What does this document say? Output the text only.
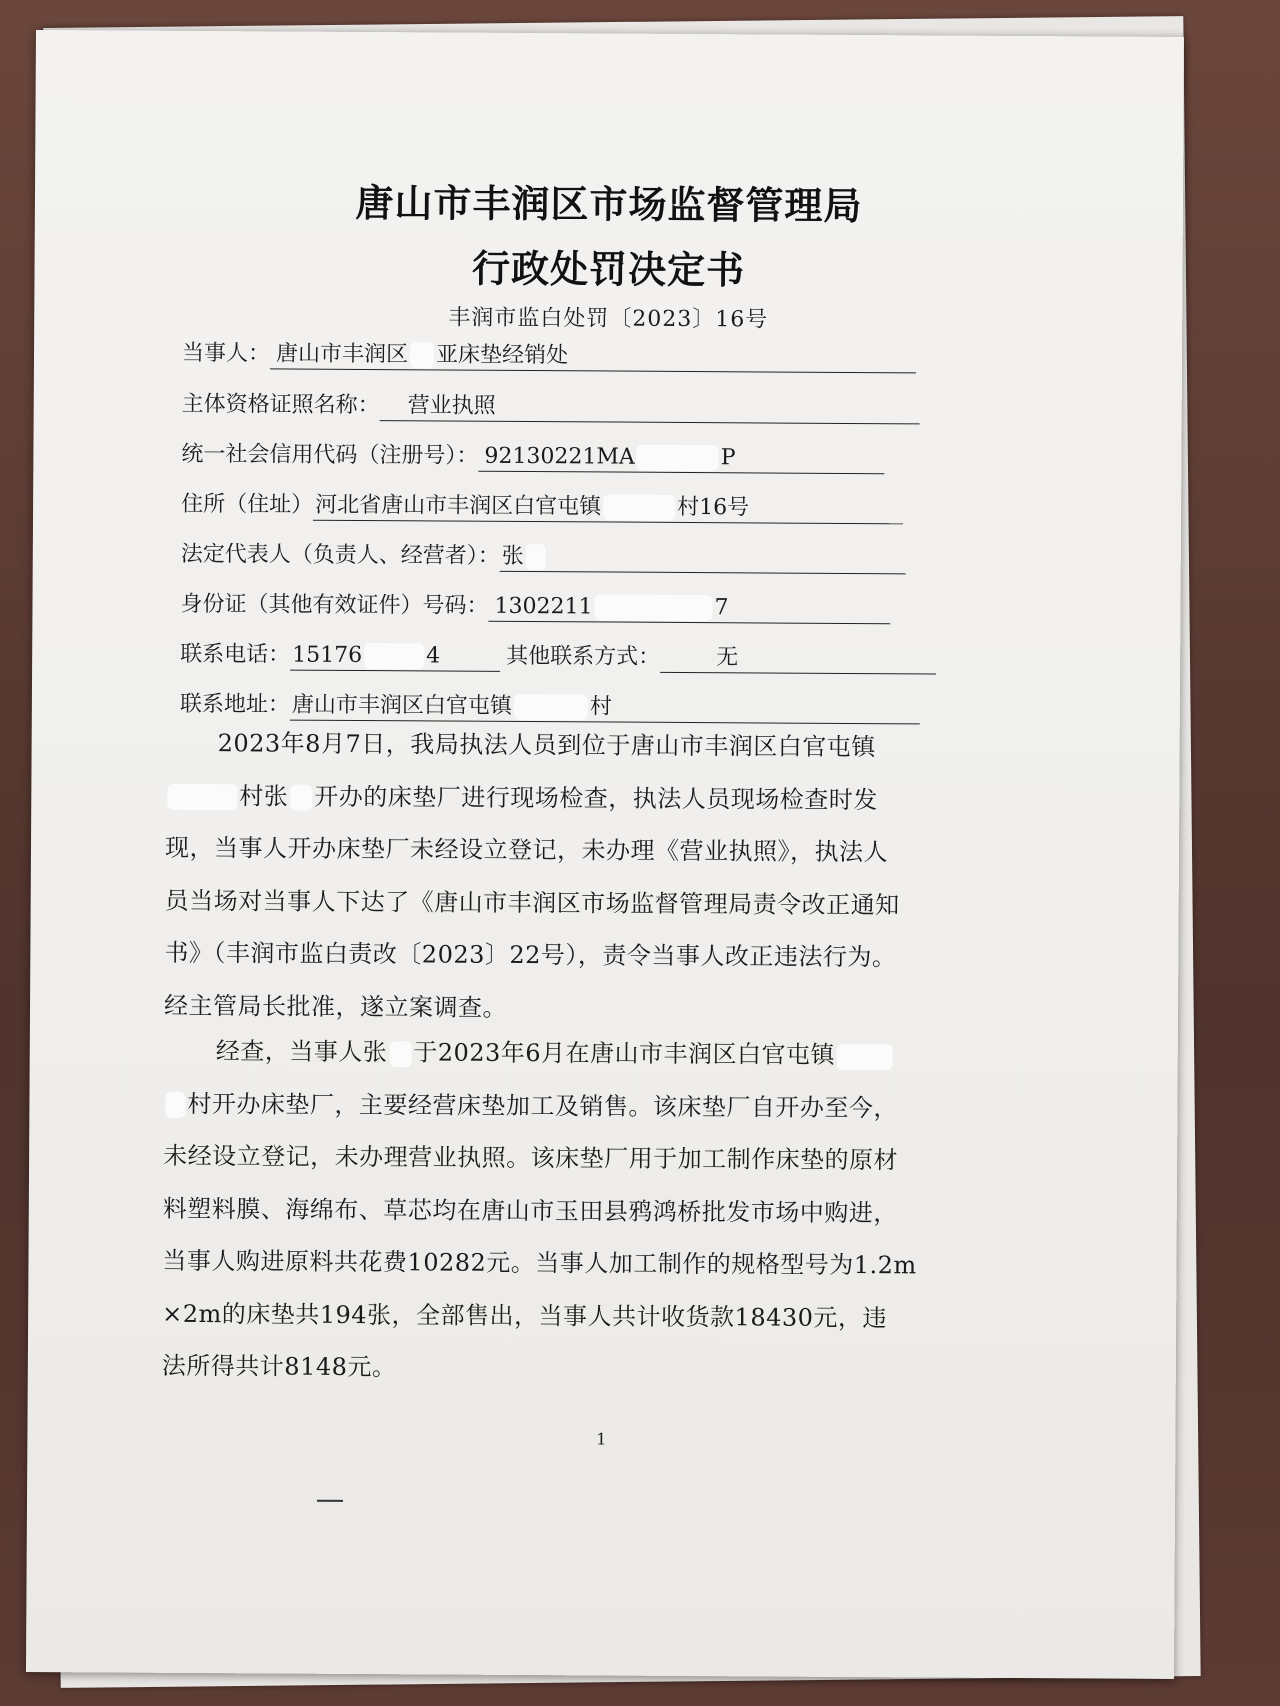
唐山市丰润区市场监督管理局
行政处罚决定书
丰润市监白处罚〔2023〕16号
当事人： 唐山市丰润区 亚床垫经销处
主体资格证照名称： 营业执照
统一社会信用代码（注册号）： 92130221MA	P
住所（住址）河北省唐山市丰润区白官屯镇	村16号
法定代表人（负责人、经营者）：张
身份证（其他有效证件）号码： 1302211	7
联系电话：15176	4	其他联系方式：	无
联系地址：唐山市丰润区白官屯镇	村
2023年8月7日，我局执法人员到位于唐山市丰润区白官屯镇
村张 开办的床垫厂进行现场检查，执法人员现场检查时发
现，当事人开办床垫厂未经设立登记，未办理《营业执照》，执法人
员当场对当事人下达了《唐山市丰润区市场监督管理局责令改正通知
书》（丰润市监白责改〔2023〕22号），责令当事人改正违法行为。
经主管局长批准，遂立案调查。
经查，当事人张 于2023年6月在唐山市丰润区白官屯镇
村开办床垫厂，主要经营床垫加工及销售。该床垫厂自开办至今，
未经设立登记，未办理营业执照。该床垫厂用于加工制作床垫的原材
料塑料膜、海绵布、草芯均在唐山市玉田县鸦鸿桥批发市场中购进，
当事人购进原料共花费10282元。当事人加工制作的规格型号为1.2m
×2m的床垫共194张，全部售出，当事人共计收货款18430元，违
法所得共计8148元。
1
